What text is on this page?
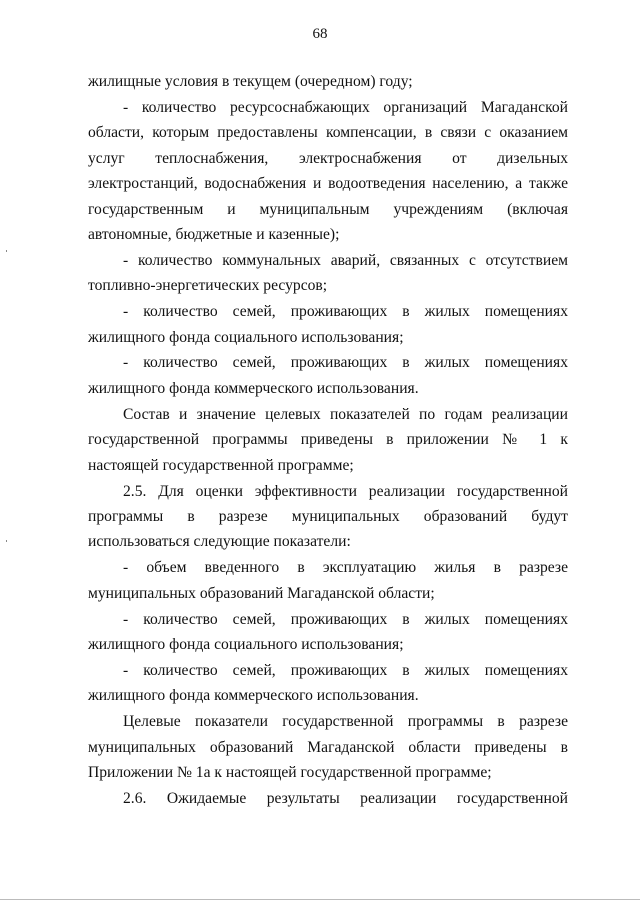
68

жилищные условия в текущем (очередном) году;

- количество ресурсоснабжающих организаций Магаданской области, которым предоставлены компенсации, в связи с оказанием услуг теплоснабжения, электроснабжения от дизельных электростанций, водоснабжения и водоотведения населению, а также государственным и муниципальным учреждениям (включая автономные, бюджетные и казенные);

- количество коммунальных аварий, связанных с отсутствием топливно-энергетических ресурсов;

- количество семей, проживающих в жилых помещениях жилищного фонда социального использования;

- количество семей, проживающих в жилых помещениях жилищного фонда коммерческого использования.

Состав и значение целевых показателей по годам реализации государственной программы приведены в приложении № 1 к настоящей государственной программе;

2.5. Для оценки эффективности реализации государственной программы в разрезе муниципальных образований будут использоваться следующие показатели:

- объем введенного в эксплуатацию жилья в разрезе муниципальных образований Магаданской области;

- количество семей, проживающих в жилых помещениях жилищного фонда социального использования;

- количество семей, проживающих в жилых помещениях жилищного фонда коммерческого использования.

Целевые показатели государственной программы в разрезе муниципальных образований Магаданской области приведены в Приложении № 1а к настоящей государственной программе;

2.6. Ожидаемые результаты реализации государственной
